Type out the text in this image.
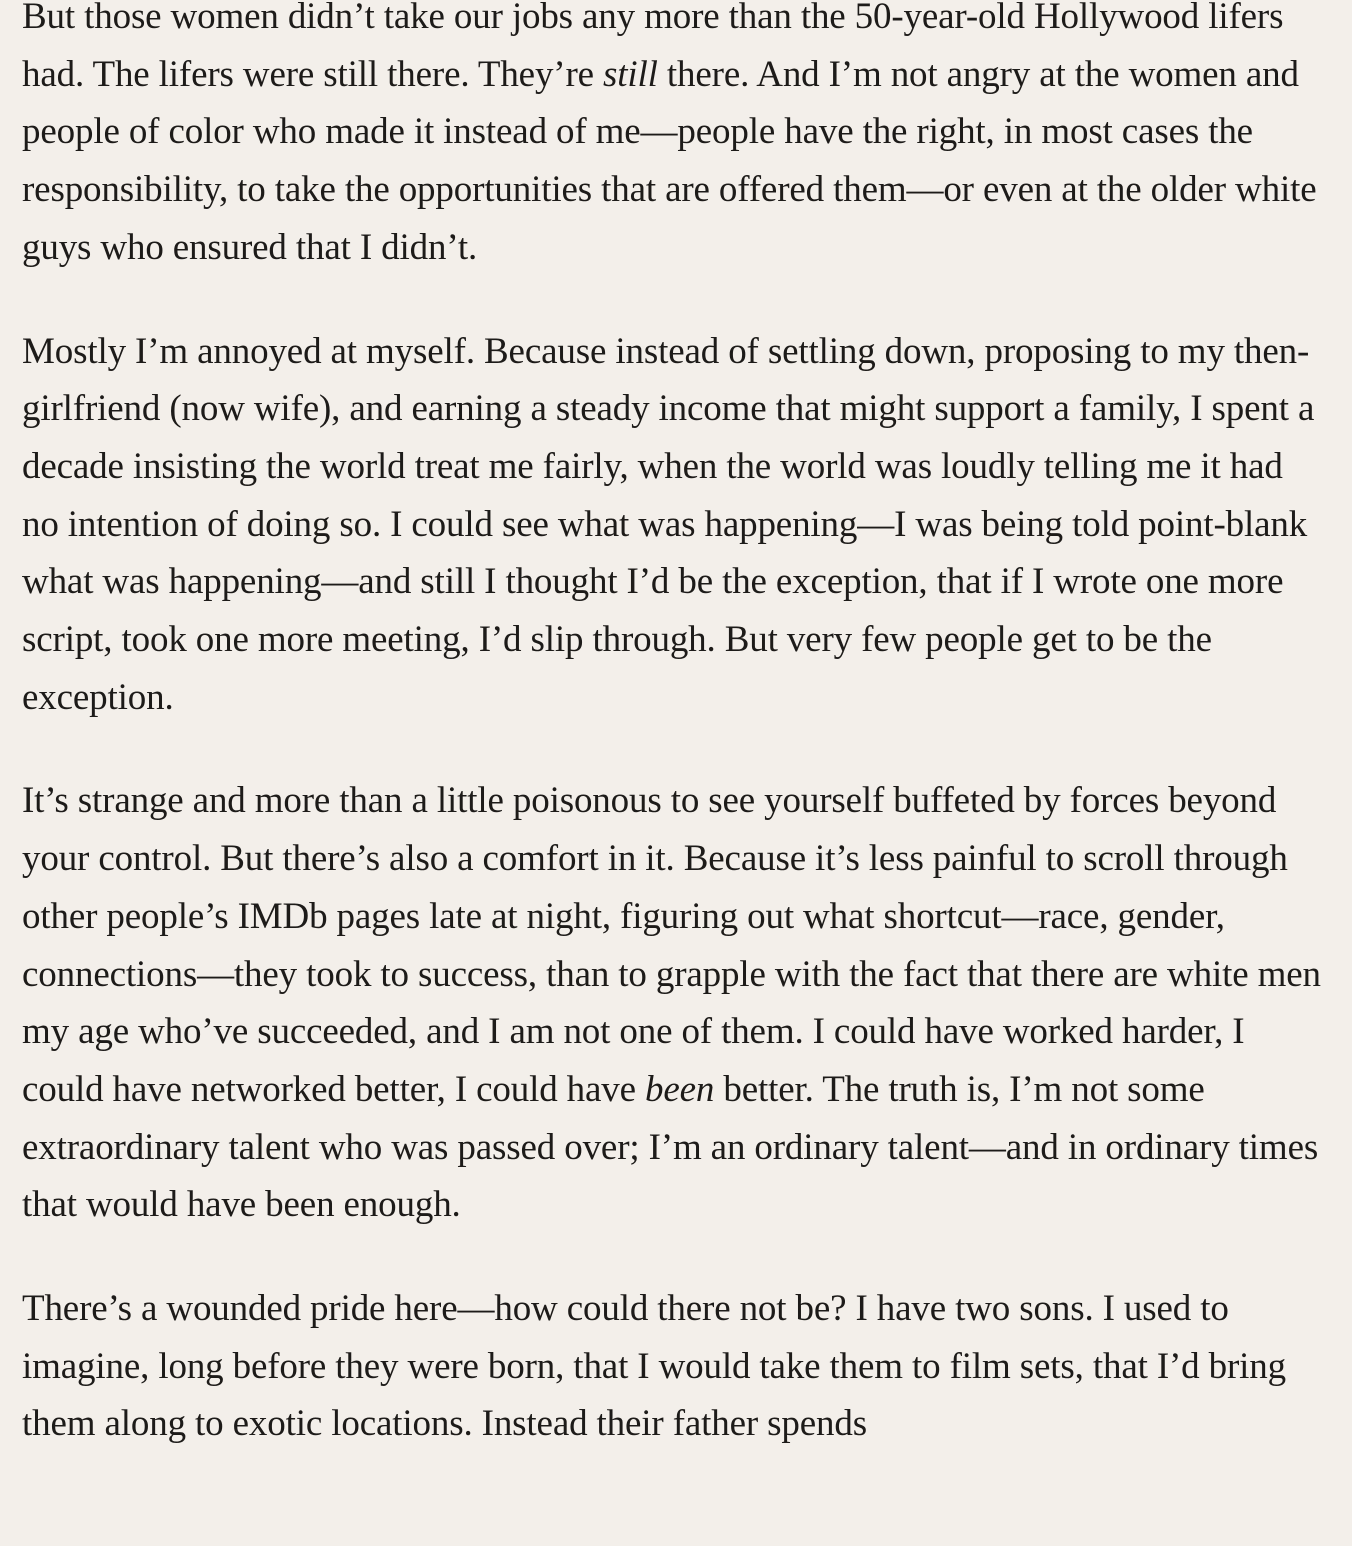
But those women didn’t take our jobs any more than the 50-year-old Hollywood lifers had. The lifers were still there. They’re still there. And I’m not angry at the women and people of color who made it instead of me—people have the right, in most cases the responsibility, to take the opportunities that are offered them—or even at the older white guys who ensured that I didn’t.

Mostly I’m annoyed at myself. Because instead of settling down, proposing to my then-girlfriend (now wife), and earning a steady income that might support a family, I spent a decade insisting the world treat me fairly, when the world was loudly telling me it had no intention of doing so. I could see what was happening—I was being told point-blank what was happening—and still I thought I’d be the exception, that if I wrote one more script, took one more meeting, I’d slip through. But very few people get to be the exception.

It’s strange and more than a little poisonous to see yourself buffeted by forces beyond your control. But there’s also a comfort in it. Because it’s less painful to scroll through other people’s IMDb pages late at night, figuring out what shortcut—race, gender, connections—they took to success, than to grapple with the fact that there are white men my age who’ve succeeded, and I am not one of them. I could have worked harder, I could have networked better, I could have been better. The truth is, I’m not some extraordinary talent who was passed over; I’m an ordinary talent—and in ordinary times that would have been enough.

There’s a wounded pride here—how could there not be? I have two sons. I used to imagine, long before they were born, that I would take them to film sets, that I’d bring them along to exotic locations. Instead their father spends
